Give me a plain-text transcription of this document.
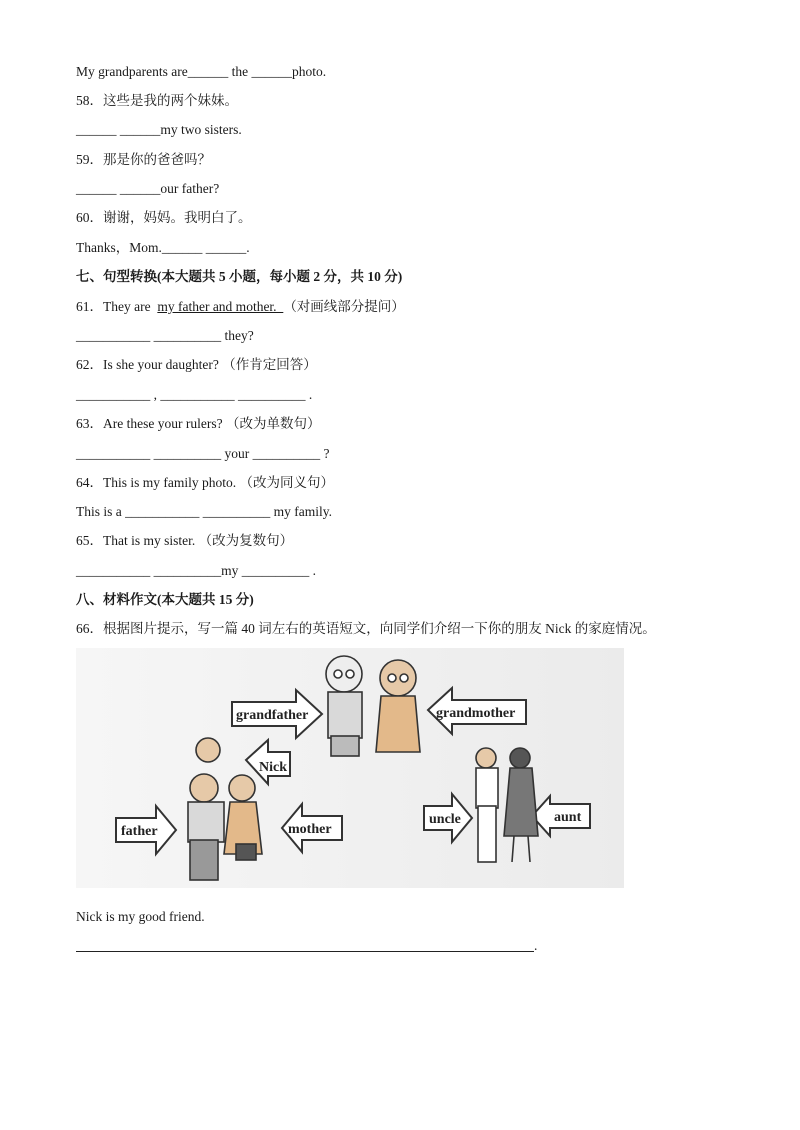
My grandparents are______ the ______photo.
58．这些是我的两个妹妹。
______ ______my two sisters.
59．那是你的爸爸吗？
______ ______our father?
60．谢谢，妈妈。我明白了。
Thanks，Mom.______ ______.
七、句型转换(本大题共 5 小题，每小题 2 分，共 10 分)
61．They are  my father and mother.  （对画线部分提问）
___________ __________ they?
62．Is she your daughter? （作肯定回答）
___________ , ___________ __________ .
63．Are these your rulers? （改为单数句）
___________ __________ your __________ ?
64．This is my family photo. （改为同义句）
This is a ___________ __________ my family.
65．That is my sister. （改为复数句）
___________ __________my __________ .
八、材料作文(本大题共 15 分)
66．根据图片提示，写一篇 40 词左右的英语短文，向同学们介绍一下你的朋友 Nick 的家庭情况。
grandfather	grandmother
Nick
father	mother
uncle	aunt
Nick is my good friend.
.
